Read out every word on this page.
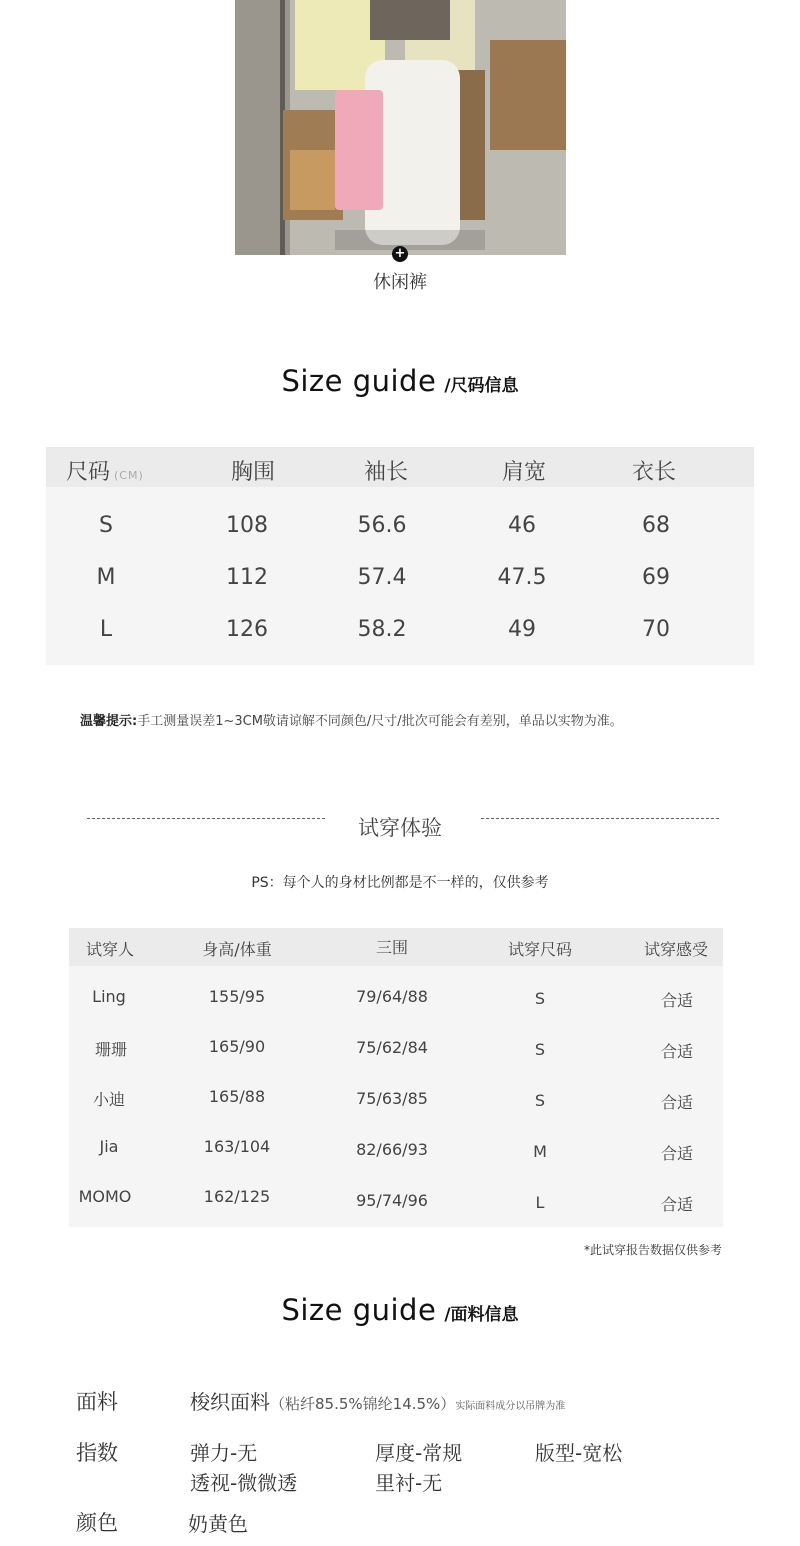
+
休闲裤
Size guide /尺码信息
尺码 (CM)	胸围	袖长	肩宽	衣长
S	108	56.6	46	68
M	112	57.4	47.5	69
L	126	58.2	49	70
温馨提示:手工测量误差1~3CM敬请谅解不同颜色/尺寸/批次可能会有差别，单品以实物为准。
试穿体验
PS：每个人的身材比例都是不一样的，仅供参考
试穿人	身高/体重	三围	试穿尺码	试穿感受
Ling	155/95	79/64/88	S	合适
珊珊	165/90	75/62/84	S	合适
小迪	165/88	75/63/85	S	合适
Jia	163/104	82/66/93	M	合适
MOMO	162/125	95/74/96	L	合适
*此试穿报告数据仅供参考
Size guide /面料信息
面料	梭织面料（粘纤85.5%锦纶14.5%）实际面料成分以吊牌为准
指数	弹力-无	厚度-常规	版型-宽松
透视-微微透	里衬-无
颜色	奶黄色
